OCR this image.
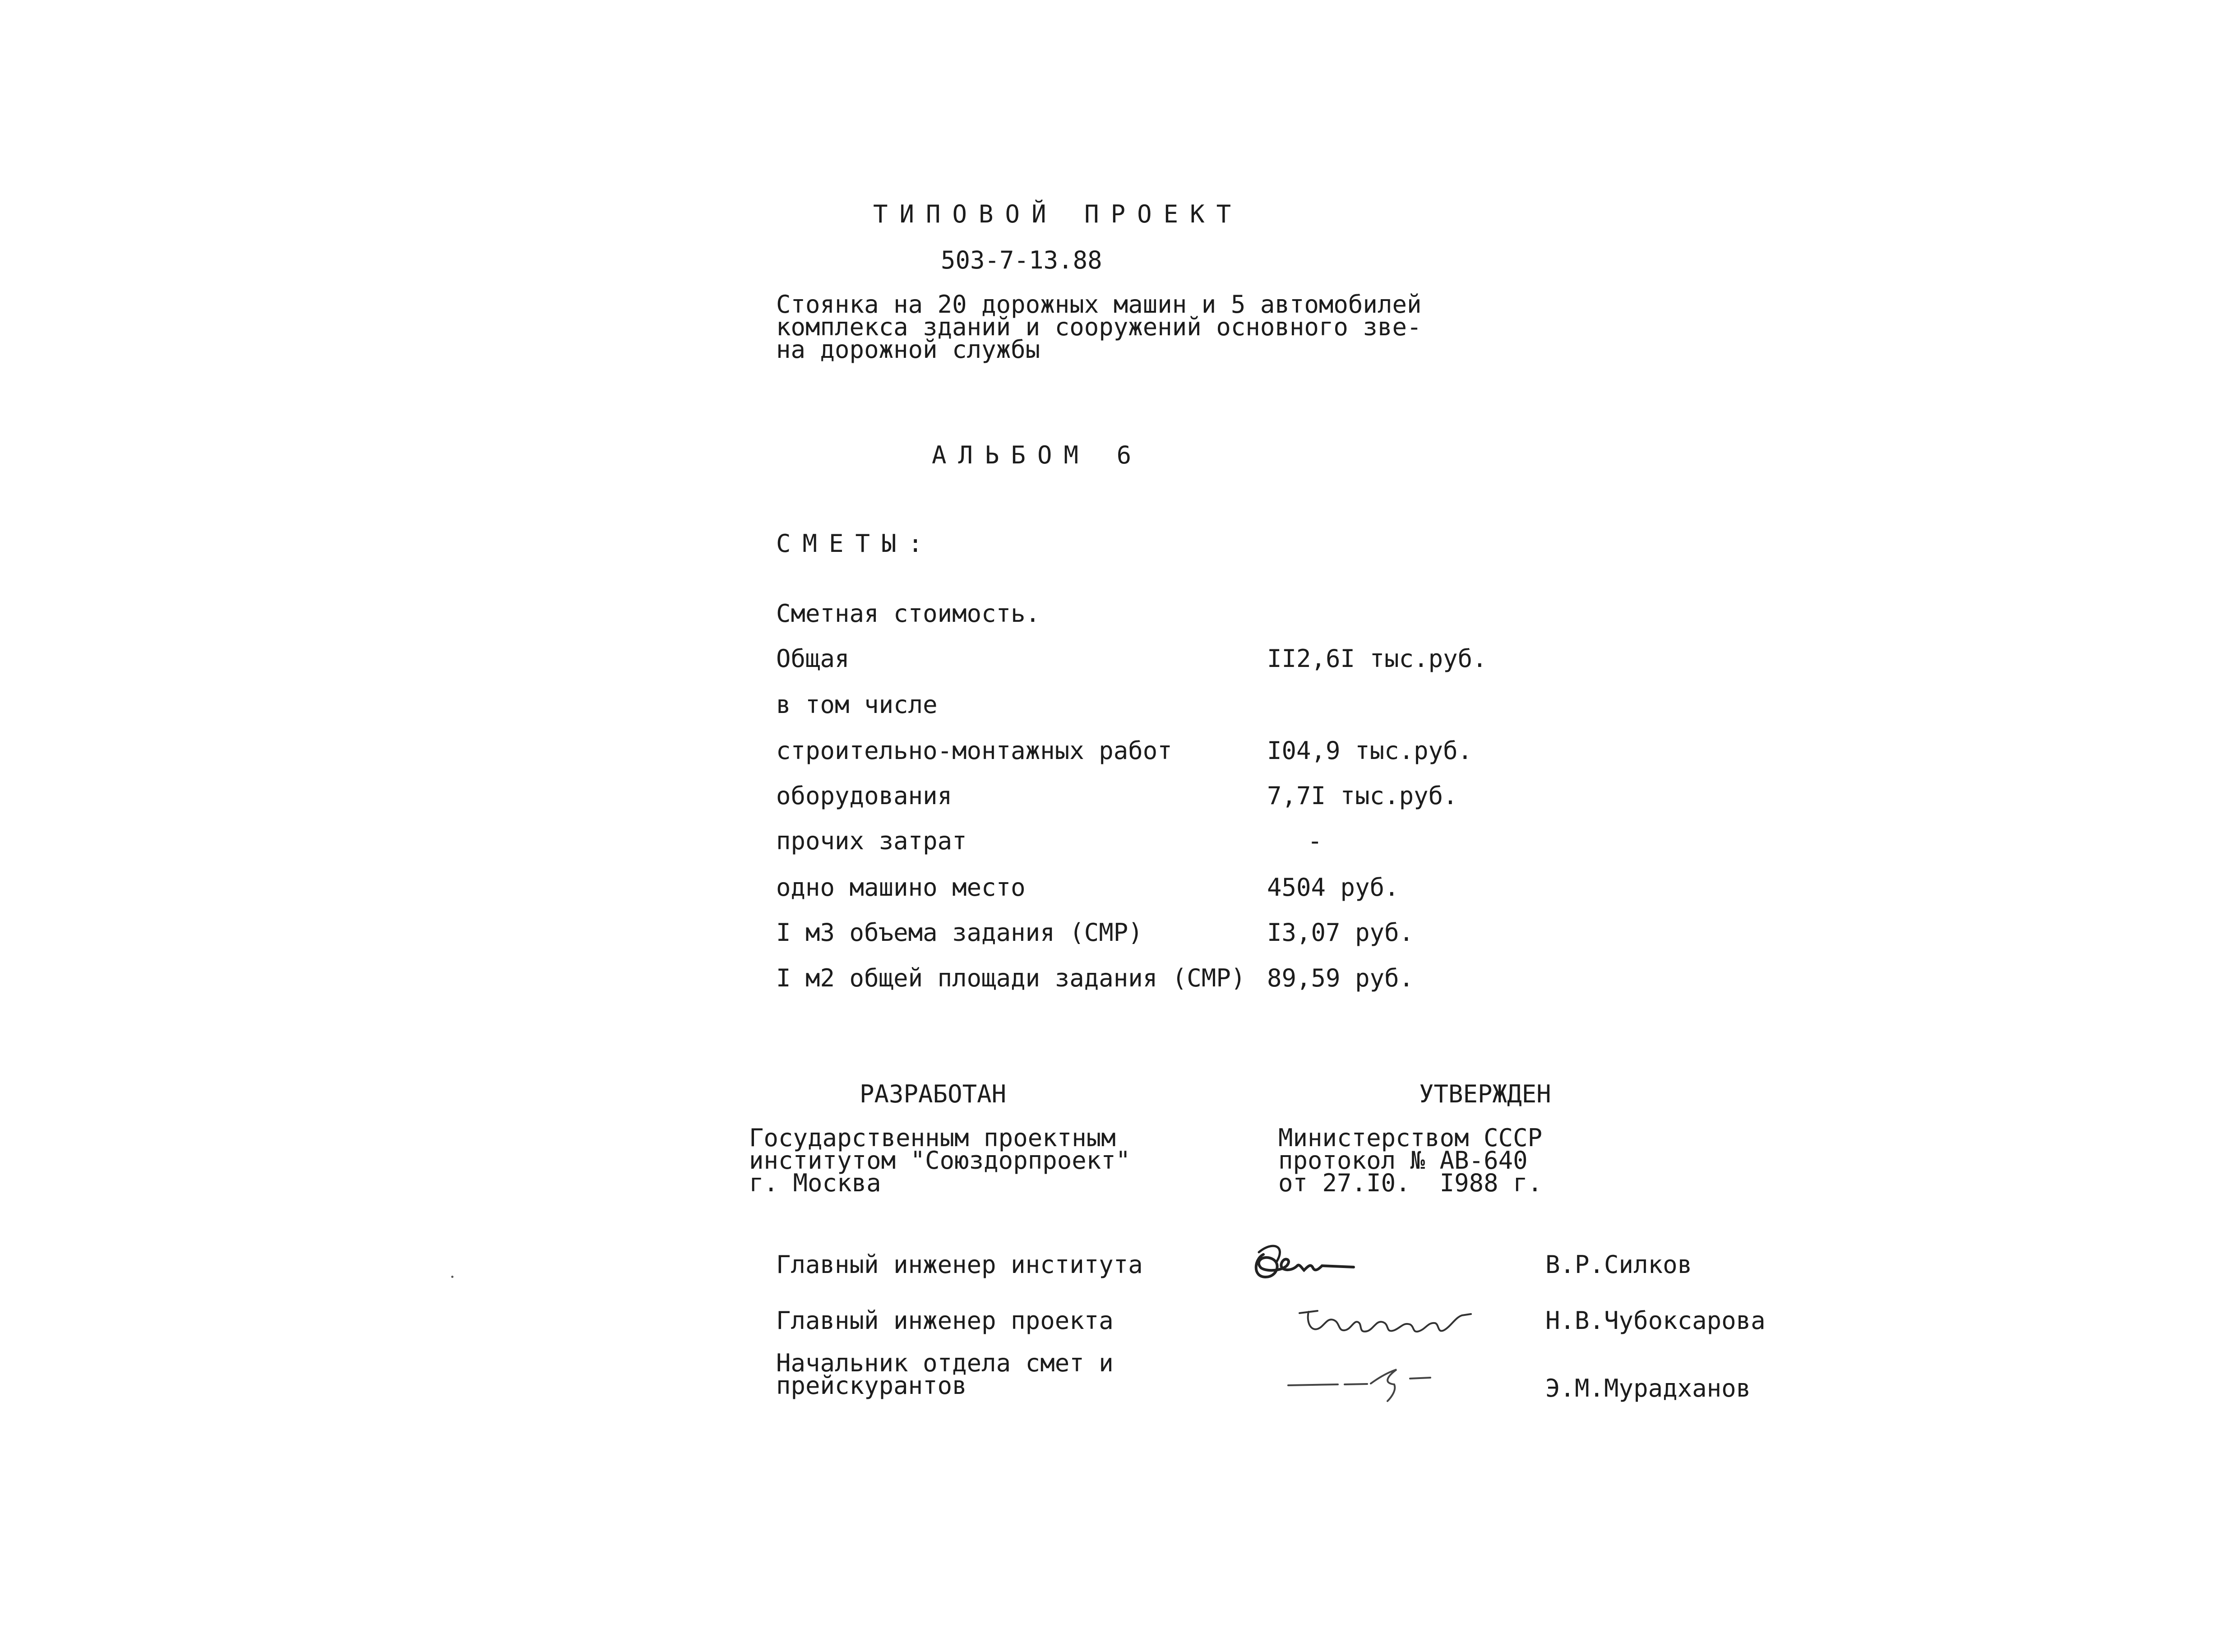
ТИПОВОЙ ПРОЕКТ
503-7-13.88
Стоянка на 20 дорожных машин и 5 автомобилей
комплекса зданий и сооружений основного зве-
на дорожной службы
АЛЬБОМ 6
СМЕТЫ:
Сметная стоимость.
Общая	II2,6I тыс.руб.
в том числе
строительно-монтажных работ	I04,9 тыс.руб.
оборудования	7,7I тыс.руб.
прочих затрат	-
одно машино место	4504 руб.
I м3 объема задания (СМР)	I3,07 руб.
I м2 общей площади задания (СМР) 89,59 руб.
РАЗРАБОТАН
Государственным проектным
институтом "Союздорпроект"
г. Москва
УТВЕРЖДЕН
Министерством СССР
протокол № АВ-640
от 27.I0.  I988 г.
Главный инженер института	В.Р.Силков
Главный инженер проекта	Н.В.Чубоксарова
Начальник отдела смет и
прейскурантов	Э.М.Мурадханов
